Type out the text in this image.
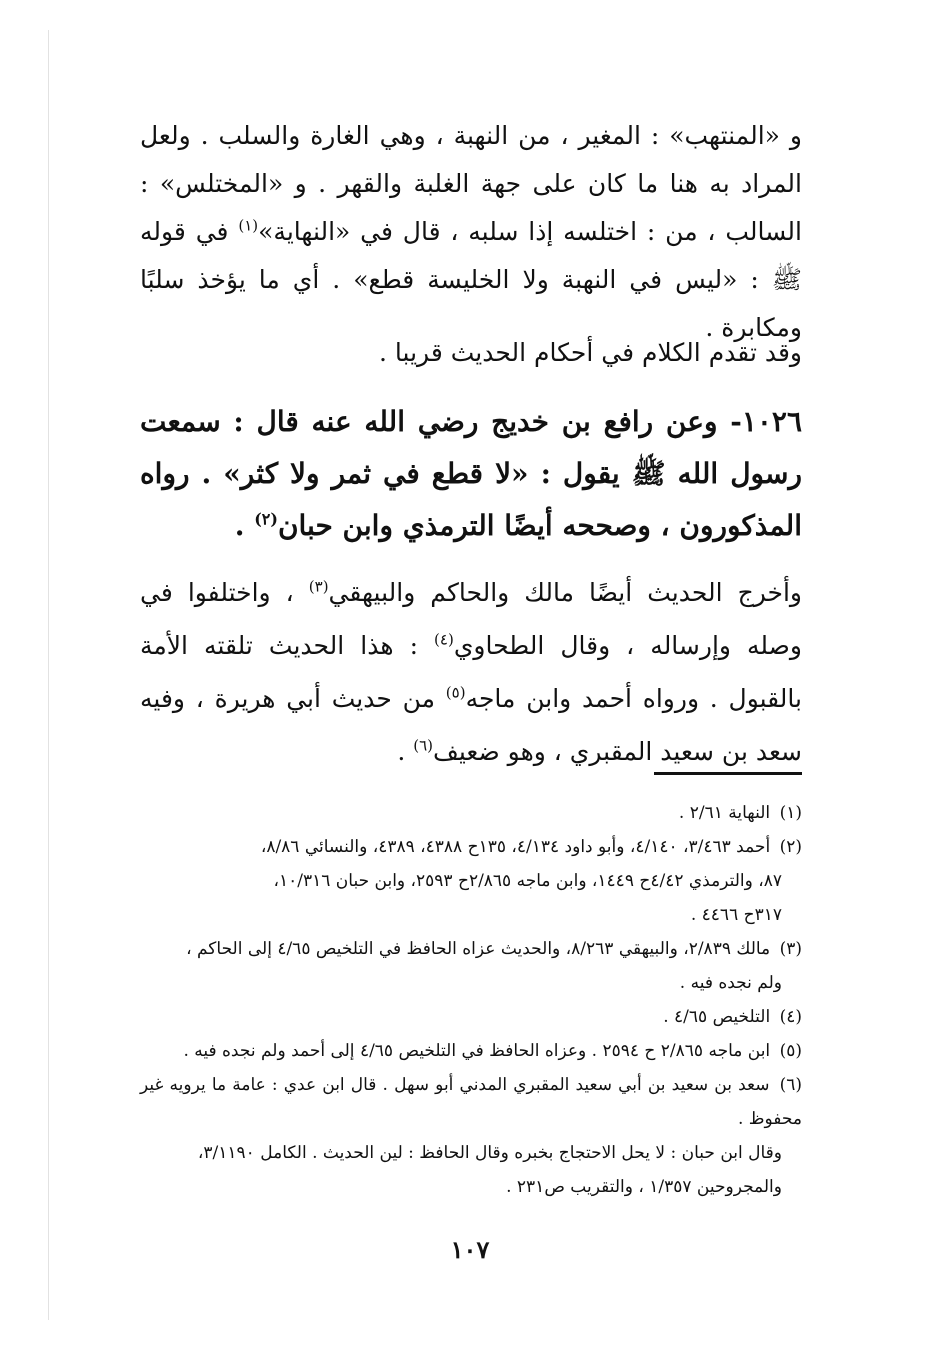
و «المنتهب» : المغير ، من النهبة ، وهي الغارة والسلب . ولعل المراد به هنا ما كان على جهة الغلبة والقهر . و «المختلس» : السالب ، من : اختلسه إذا سلبه ، قال في «النهاية»$^{(١)}$ في قوله ﷺ : «ليس في النهبة ولا الخليسة قطع» . أي ما يؤخذ سلبًا ومكابرة .
وقد تقدم الكلام في أحكام الحديث قريبا .
١٠٢٦- وعن رافع بن خديج رضي الله عنه قال : سمعت رسول الله ﷺ يقول : «لا قطع في ثمر ولا كثر» . رواه المذكورون ، وصححه أيضًا الترمذي وابن حبان$^{(٢)}$ .
وأخرج الحديث أيضًا مالك والحاكم والبيهقي$^{(٣)}$ ، واختلفوا في وصله وإرساله ، وقال الطحاوي$^{(٤)}$ : هذا الحديث تلقته الأمة بالقبول . ورواه أحمد وابن ماجه$^{(٥)}$ من حديث أبي هريرة ، وفيه سعد بن سعيد المقبري ، وهو ضعيف$^{(٦)}$ .

(١) النهاية ٢/٦١ .

(٢) أحمد ٣/٤٦٣، ٤/١٤٠، وأبو داود ٤/١٣٤، ١٣٥ح ٤٣٨٨، ٤٣٨٩، والنسائي ٨/٨٦،

٨٧، والترمذي ٤/٤٢ح ١٤٤٩، وابن ماجه ٢/٨٦٥ح ٢٥٩٣، وابن حبان ١٠/٣١٦،

٣١٧ح ٤٤٦٦ .

(٣) مالك ٢/٨٣٩، والبيهقي ٨/٢٦٣، والحديث عزاه الحافظ في التلخيص ٤/٦٥ إلى الحاكم ،

ولم نجده فيه .

(٤) التلخيص ٤/٦٥ .

(٥) ابن ماجه ٢/٨٦٥ ح ٢٥٩٤ . وعزاه الحافظ في التلخيص ٤/٦٥ إلى أحمد ولم نجده فيه .

(٦) سعد بن سعيد بن أبي سعيد المقبري المدني أبو سهل . قال ابن عدي : عامة ما يرويه غير محفوظ .

وقال ابن حبان : لا يحل الاحتجاج بخبره وقال الحافظ : لين الحديث . الكامل ٣/١١٩٠،

والمجروحين ١/٣٥٧ ، والتقريب ص٢٣١ .

١٠٧
